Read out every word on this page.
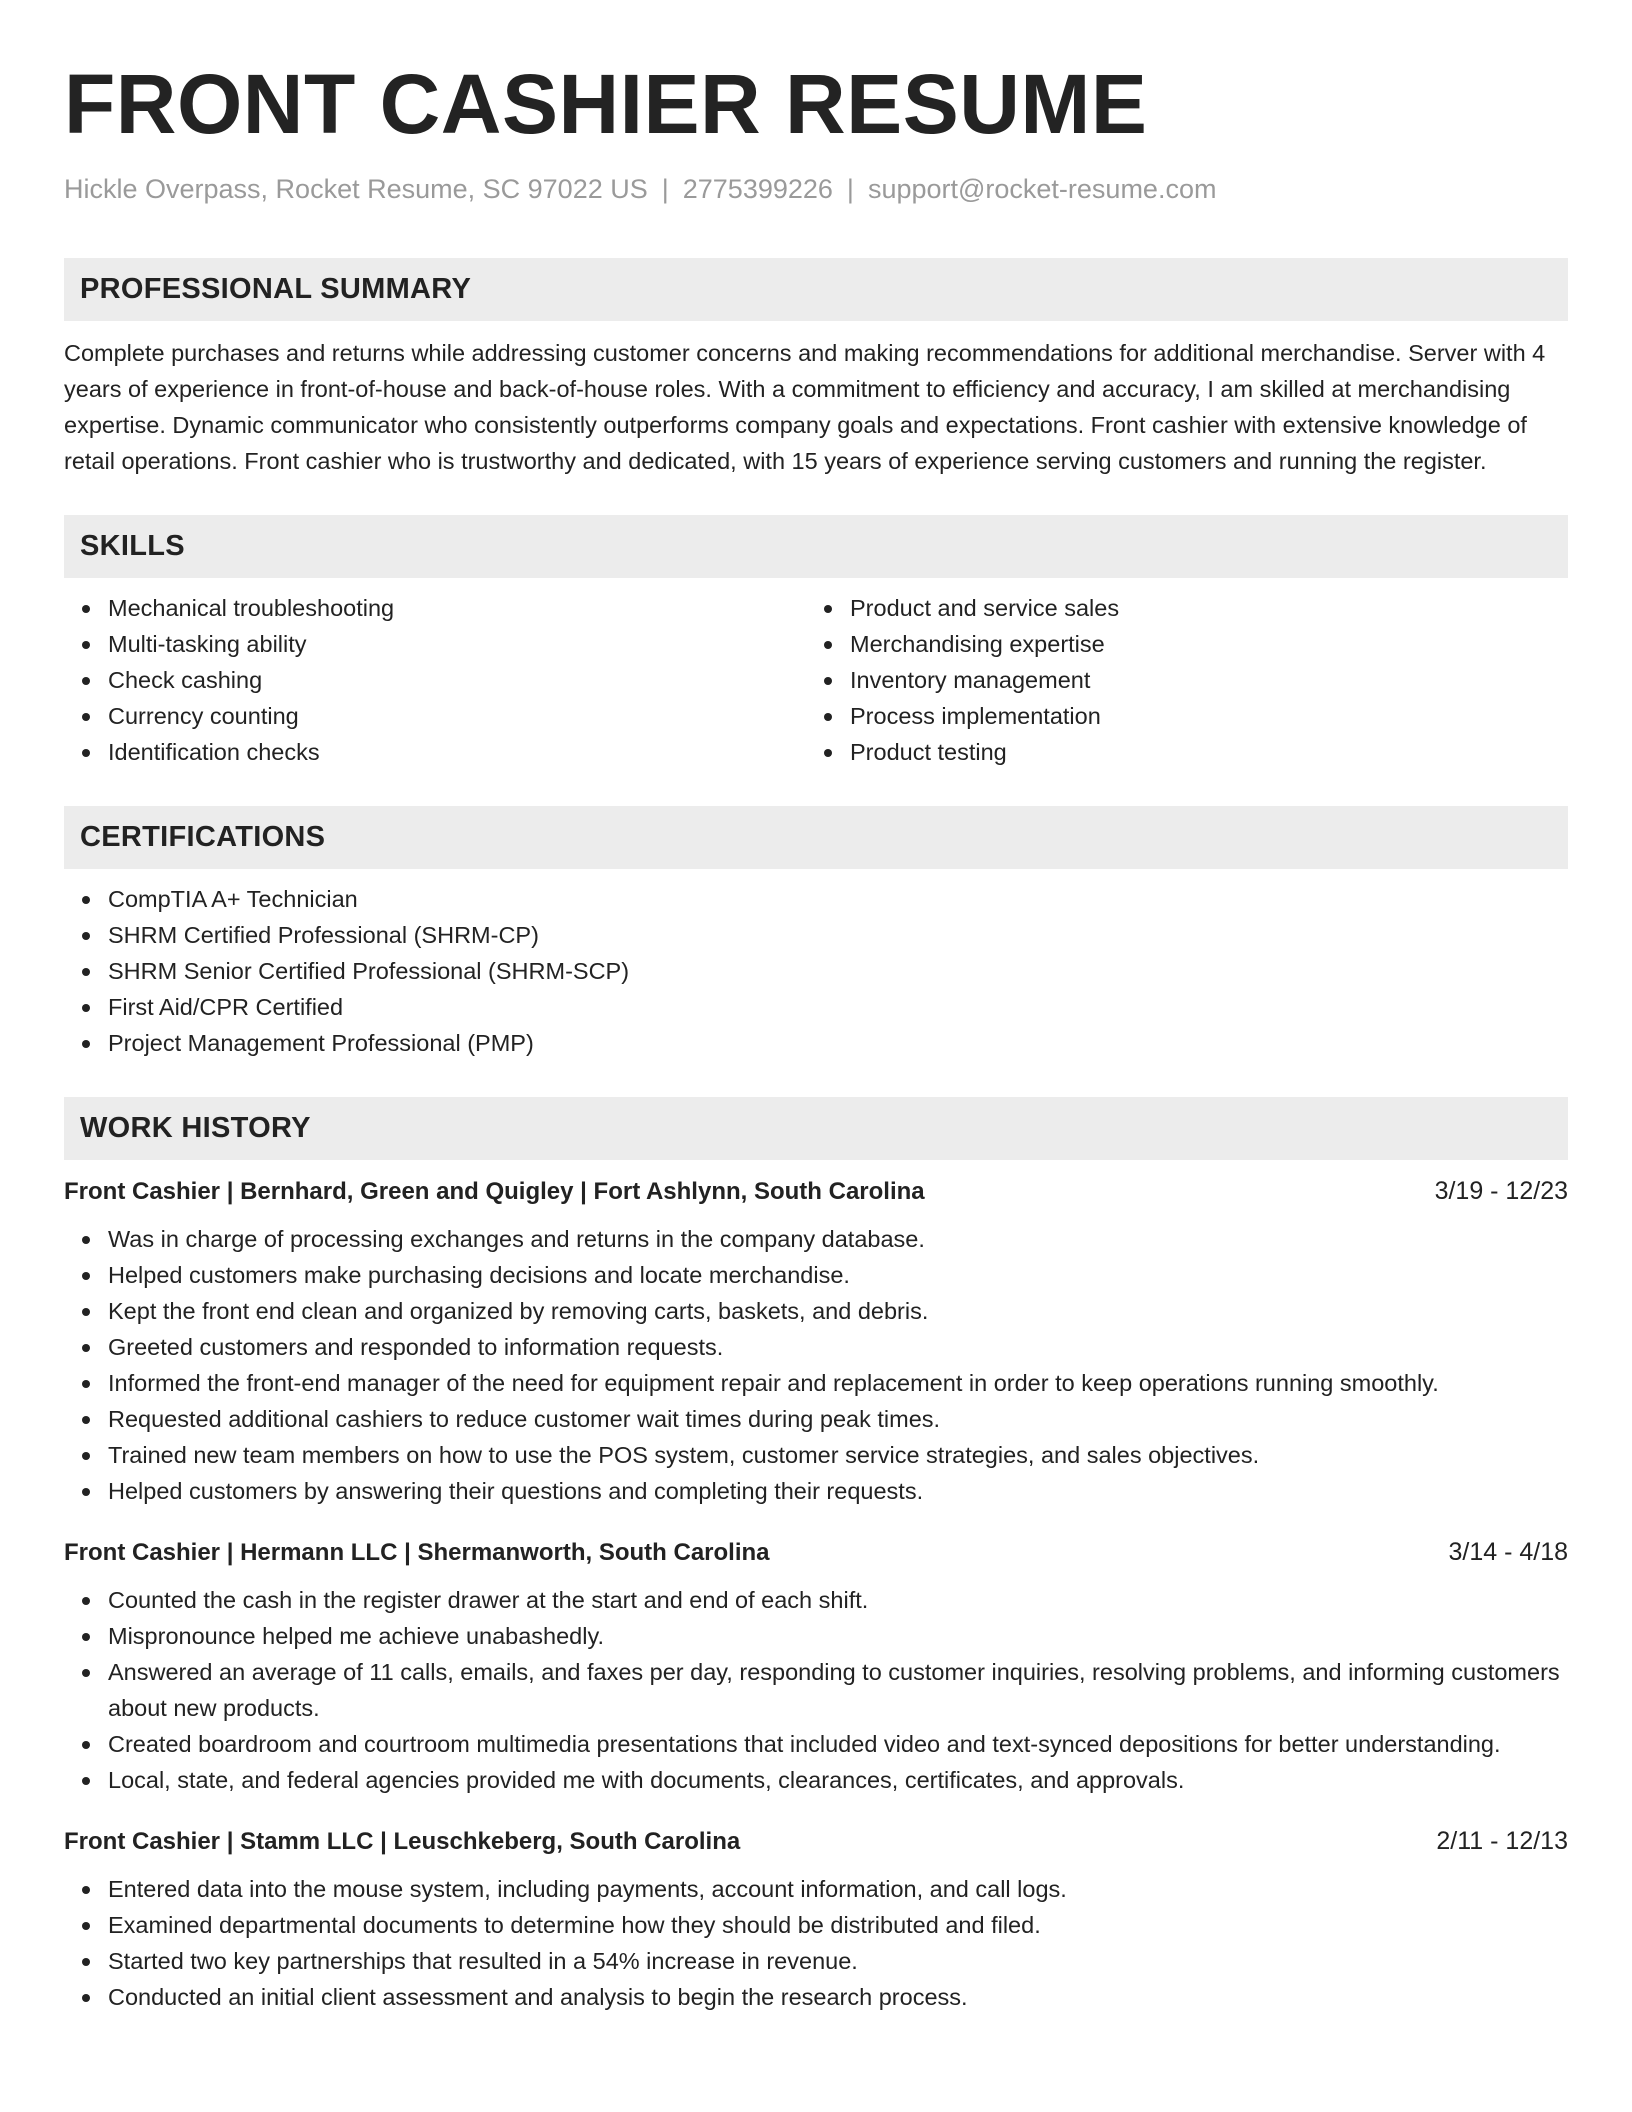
FRONT CASHIER RESUME
Hickle Overpass, Rocket Resume, SC 97022 US | 2775399226 | support@rocket-resume.com
PROFESSIONAL SUMMARY

Complete purchases and returns while addressing customer concerns and making recommendations for additional merchandise. Server with 4 years of experience in front-of-house and back-of-house roles. With a commitment to efficiency and accuracy, I am skilled at merchandising expertise. Dynamic communicator who consistently outperforms company goals and expectations. Front cashier with extensive knowledge of retail operations. Front cashier who is trustworthy and dedicated, with 15 years of experience serving customers and running the register.

SKILLS
Mechanical troubleshooting
Multi-tasking ability
Check cashing
Currency counting
Identification checks
Product and service sales
Merchandising expertise
Inventory management
Process implementation
Product testing
CERTIFICATIONS
CompTIA A+ Technician
SHRM Certified Professional (SHRM-CP)
SHRM Senior Certified Professional (SHRM-SCP)
First Aid/CPR Certified
Project Management Professional (PMP)
WORK HISTORY
Front Cashier | Bernhard, Green and Quigley | Fort Ashlynn, South Carolina	3/19 - 12/23
Was in charge of processing exchanges and returns in the company database.
Helped customers make purchasing decisions and locate merchandise.
Kept the front end clean and organized by removing carts, baskets, and debris.
Greeted customers and responded to information requests.
Informed the front-end manager of the need for equipment repair and replacement in order to keep operations running smoothly.
Requested additional cashiers to reduce customer wait times during peak times.
Trained new team members on how to use the POS system, customer service strategies, and sales objectives.
Helped customers by answering their questions and completing their requests.
Front Cashier | Hermann LLC | Shermanworth, South Carolina	3/14 - 4/18
Counted the cash in the register drawer at the start and end of each shift.
Mispronounce helped me achieve unabashedly.
Answered an average of 11 calls, emails, and faxes per day, responding to customer inquiries, resolving problems, and informing customers about new products.
Created boardroom and courtroom multimedia presentations that included video and text-synced depositions for better understanding.
Local, state, and federal agencies provided me with documents, clearances, certificates, and approvals.
Front Cashier | Stamm LLC | Leuschkeberg, South Carolina	2/11 - 12/13
Entered data into the mouse system, including payments, account information, and call logs.
Examined departmental documents to determine how they should be distributed and filed.
Started two key partnerships that resulted in a 54% increase in revenue.
Conducted an initial client assessment and analysis to begin the research process.
